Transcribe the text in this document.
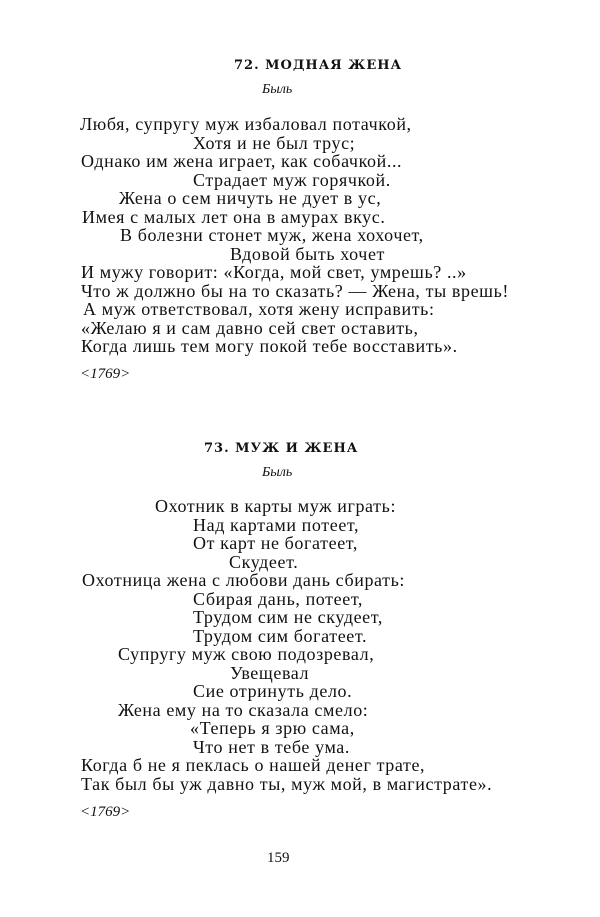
72. МОДНАЯ ЖЕНА
Быль
Любя, супругу муж избаловал потачкой,
Хотя и не был трус;
Однако им жена играет, как собачкой...
Страдает муж горячкой.
Жена о сем ничуть не дует в ус,
Имея с малых лет она в амурах вкус.
В болезни стонет муж, жена хохочет,
Вдовой быть хочет
И мужу говорит: «Когда, мой свет, умрешь? ..»
Что ж должно бы на то сказать? — Жена, ты врешь!
А муж ответствовал, хотя жену исправить:
«Желаю я и сам давно сей свет оставить,
Когда лишь тем могу покой тебе восставить».
<1769>
73. МУЖ И ЖЕНА
Быль
Охотник в карты муж играть:
Над картами потеет,
От карт не богатеет,
Скудеет.
Охотница жена с любови дань сбирать:
Сбирая дань, потеет,
Трудом сим не скудеет,
Трудом сим богатеет.
Супругу муж свою подозревал,
Увещевал
Сие отринуть дело.
Жена ему на то сказала смело:
«Теперь я зрю сама,
Что нет в тебе ума.
Когда б не я пеклась о нашей денег трате,
Так был бы уж давно ты, муж мой, в магистрате».
<1769>
159
